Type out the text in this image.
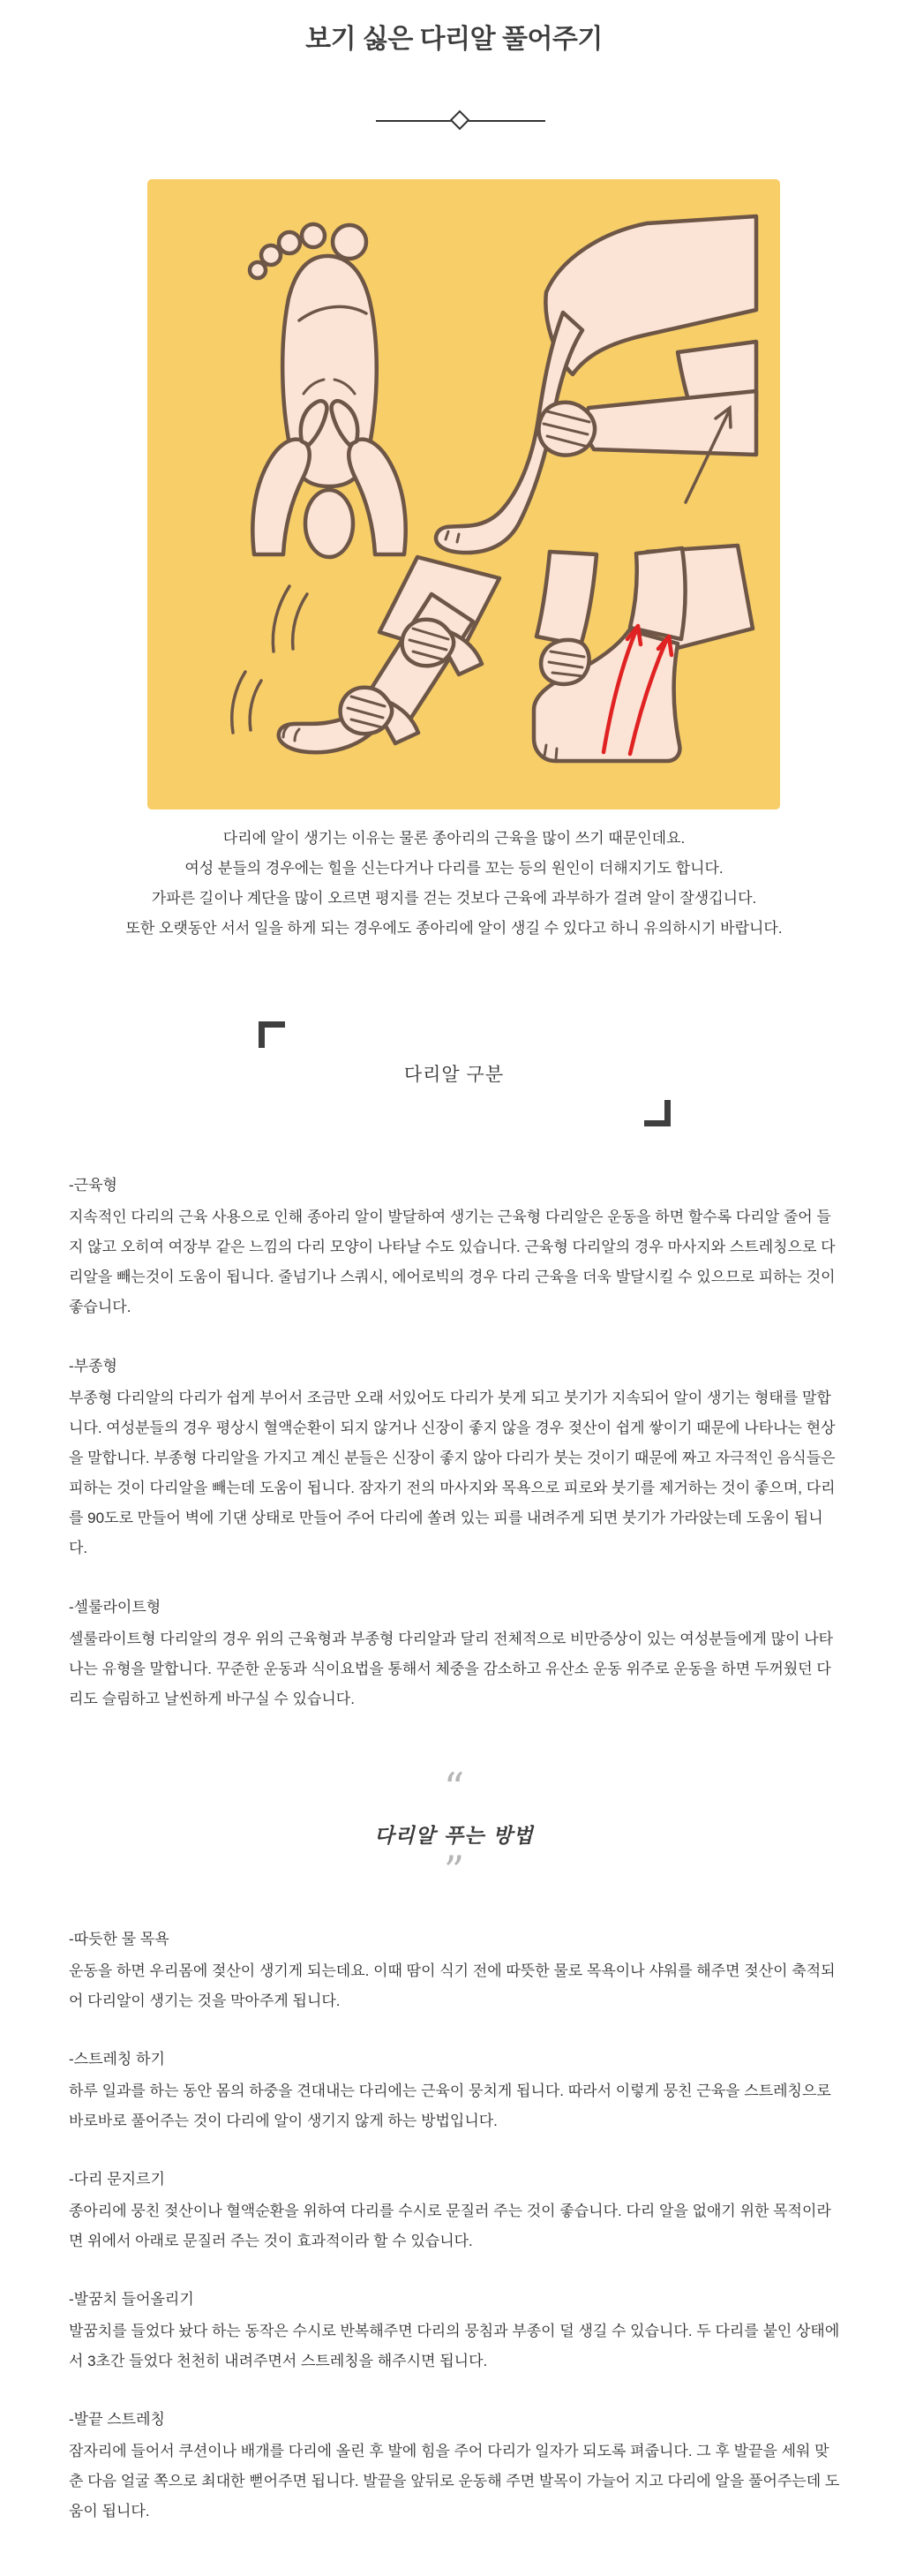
보기 싫은 다리알 풀어주기
다리에 알이 생기는 이유는 물론 종아리의 근육을 많이 쓰기 때문인데요.
여성 분들의 경우에는 힐을 신는다거나 다리를 꼬는 등의 원인이 더해지기도 합니다.
가파른 길이나 계단을 많이 오르면 평지를 걷는 것보다 근육에 과부하가 걸려 알이 잘생깁니다.
또한 오랫동안 서서 일을 하게 되는 경우에도 종아리에 알이 생길 수 있다고 하니 유의하시기 바랍니다.
다리알 구분
-근육형
지속적인 다리의 근육 사용으로 인해 종아리 알이 발달하여 생기는 근육형 다리알은 운동을 하면 할수록 다리알 줄어 들지 않고 오히여 여장부 같은 느낌의 다리 모양이 나타날 수도 있습니다. 근육형 다리알의 경우 마사지와 스트레칭으로 다리알을 빼는것이 도움이 됩니다. 줄넘기나 스쿼시, 에어로빅의 경우 다리 근육을 더욱 발달시킬 수 있으므로 피하는 것이 좋습니다.
-부종형
부종형 다리알의 다리가 쉽게 부어서 조금만 오래 서있어도 다리가 붓게 되고 붓기가 지속되어 알이 생기는 형태를 말합니다. 여성분들의 경우 평상시 혈액순환이 되지 않거나 신장이 좋지 않을 경우 젖산이 쉽게 쌓이기 때문에 나타나는 현상을 말합니다. 부종형 다리알을 가지고 계신 분들은 신장이 좋지 않아 다리가 붓는 것이기 때문에 짜고 자극적인 음식들은 피하는 것이 다리알을 빼는데 도움이 됩니다. 잠자기 전의 마사지와 목욕으로 피로와 붓기를 제거하는 것이 좋으며, 다리를 90도로 만들어 벽에 기댄 상태로 만들어 주어 다리에 쏠려 있는 피를 내려주게 되면 붓기가 가라앉는데 도움이 됩니다.
-셀룰라이트형
셀룰라이트형 다리알의 경우 위의 근육형과 부종형 다리알과 달리 전체적으로 비만증상이 있는 여성분들에게 많이 나타나는 유형을 말합니다. 꾸준한 운동과 식이요법을 통해서 체중을 감소하고 유산소 운동 위주로 운동을 하면 두꺼웠던 다리도 슬림하고 날씬하게 바구실 수 있습니다.
“
다리알 푸는 방법
”
-따듯한 물 목욕
운동을 하면 우리몸에 젖산이 생기게 되는데요. 이때 땀이 식기 전에 따뜻한 물로 목욕이나 샤워를 해주면 젖산이 축적되어 다리알이 생기는 것을 막아주게 됩니다.
-스트레칭 하기
하루 일과를 하는 동안 몸의 하중을 견대내는 다리에는 근육이 뭉치게 됩니다. 따라서 이렇게 뭉친 근육을 스트레칭으로 바로바로 풀어주는 것이 다리에 알이 생기지 않게 하는 방법입니다.
-다리 문지르기
종아리에 뭉친 젖산이나 혈액순환을 위하여 다리를 수시로 문질러 주는 것이 좋습니다. 다리 알을 없애기 위한 목적이라면 위에서 아래로 문질러 주는 것이 효과적이라 할 수 있습니다.
-발꿈치 들어올리기
발꿈치를 들었다 놨다 하는 동작은 수시로 반복해주면 다리의 뭉침과 부종이 덜 생길 수 있습니다. 두 다리를 붙인 상태에서 3초간 들었다 천천히 내려주면서 스트레칭을 해주시면 됩니다.
-발끝 스트레칭
잠자리에 들어서 쿠션이나 배개를 다리에 올린 후 발에 힘을 주어 다리가 일자가 되도록 펴줍니다. 그 후 발끝을 세워 맞춘 다음 얼굴 쪽으로 최대한 뻗어주면 됩니다. 발끝을 앞뒤로 운동해 주면 발목이 가늘어 지고 다리에 알을 풀어주는데 도움이 됩니다.
